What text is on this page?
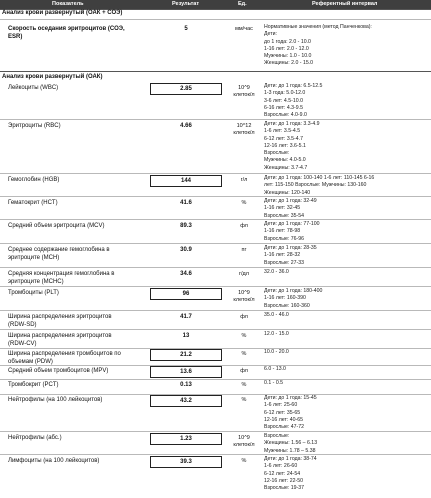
Показатель	Результат	Ед.	Референтный интервал
Анализ крови развернутый (ОАК + СОЭ)
Анализ крови развернутый (ОАК)
Скорость оседания эритроцитов (СОЭ,
ESR)
5	мм/час	Нормативные значения (метод Панченкова):
Дети:
до 1 года: 2.0 - 10.0
1-16 лет: 2.0 - 12.0
Мужчины: 1.0 - 10.0
Женщины: 2.0 - 15.0
Лейкоциты (WBC)	2.85	10^9
клеток/л
Дети: до 1 года: 6.5-12.5
1-3 года: 5.0-12.0
3-6 лет: 4.5-10.0
6-16 лет: 4.3-9.5
Взрослые: 4.0-9.0
Эритроциты (RBC)	4.66	10^12
клеток/л
Дети: до 1 года: 3.3-4.9
1-6 лет: 3.5-4.5
6-12 лет: 3.5-4.7
12-16 лет: 3.6-5.1
Взрослые:
Мужчины: 4.0-5.0
Женщины: 3.7-4.7
Гемоглобин (HGB)	144	г/л	Дети: до 1 года: 100-140 1-6 лет: 110-145 6-16
лет: 115-150 Взрослые: Мужчины: 130-160
Женщины: 120-140
Гематокрит (HCT)	41.6	%	Дети: до 1 года: 32-49
1-16 лет: 32-45
Взрослые: 35-54
Средний объем эритроцита (MCV)	89.3	фл	Дети: до 1 года: 77-100
1-16 лет: 78-98
Взрослые: 76-96
Среднее содержание гемоглобина в
эритроците (MCH)
30.9	пг	Дети: до 1 года: 28-35
1-16 лет: 28-32
Взрослые: 27-33
Средняя концентрация гемоглобина в
эритроците (MCHC)
34.6	г/дл	32.0 - 36.0
Тромбоциты (PLT)	96	10^9
клеток/л
Дети: до 1 года: 180-400
1-16 лет: 160-390
Взрослые: 160-360
Ширина распределения эритроцитов
(RDW-SD)
41.7	фл	35.0 - 46.0
Ширина распределения эритроцитов
(RDW-CV)
13	%	12.0 - 15.0
Ширина распределения тромбоцитов по
объемам (PDW)
21.2	%	10.0 - 20.0
Средний объем тромбоцитов (MPV)	13.6	фл	6.0 - 13.0
Тромбокрит (PCT)	0.13	%	0.1 - 0.5
Нейтрофилы (на 100 лейкоцитов)	43.2	%	Дети: до 1 года: 15-45
1-6 лет: 25-60
6-12 лет: 35-65
12-16 лет: 40-65
Взрослые: 47-72
Нейтрофилы (абс.)	1.23	10^9
клеток/л
Взрослые:
Женщины: 1.56 – 6.13
Мужчины: 1.78 – 5.38
Лимфоциты (на 100 лейкоцитов)	39.3	%	Дети: до 1 года: 38-74
1-6 лет: 26-60
6-12 лет: 24-54
12-16 лет: 22-50
Взрослые: 19-37
